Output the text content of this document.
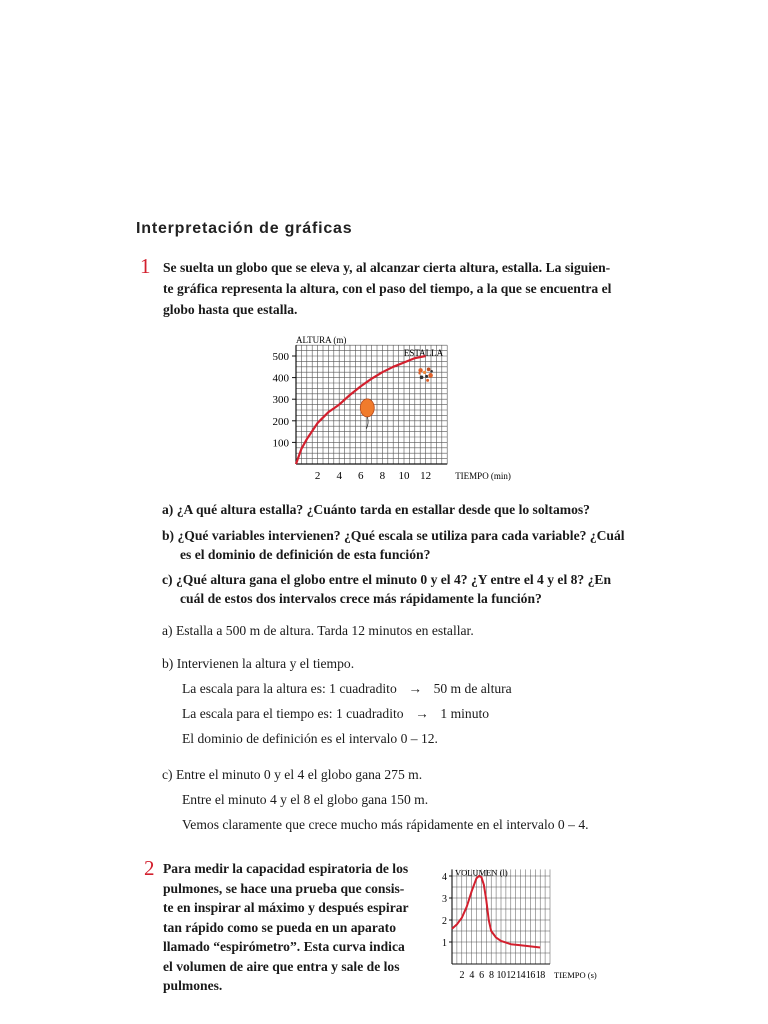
Interpretación de gráficas
1 Se suelta un globo que se eleva y, al alcanzar cierta altura, estalla. La siguien-
te gráfica representa la altura, con el paso del tiempo, a la que se encuentra el
globo hasta que estalla.
100
200
300
400
500
2 4 6 8 10 12
ALTURA (m)
TIEMPO (min)
ESTALLA
a) ¿A qué altura estalla? ¿Cuánto tarda en estallar desde que lo soltamos?
b) ¿Qué variables intervienen? ¿Qué escala se utiliza para cada variable? ¿Cuál
es el dominio de definición de esta función?
c) ¿Qué altura gana el globo entre el minuto 0 y el 4? ¿Y entre el 4 y el 8? ¿En
cuál de estos dos intervalos crece más rápidamente la función?
a) Estalla a 500 m de altura. Tarda 12 minutos en estallar.
b) Intervienen la altura y el tiempo.
La escala para la altura es: 1 cuadradito → 50 m de altura
La escala para el tiempo es: 1 cuadradito → 1 minuto
El dominio de definición es el intervalo 0 – 12.
c) Entre el minuto 0 y el 4 el globo gana 275 m.
Entre el minuto 4 y el 8 el globo gana 150 m.
Vemos claramente que crece mucho más rápidamente en el intervalo 0 – 4.
2 Para medir la capacidad espiratoria de los
pulmones, se hace una prueba que consis-
te en inspirar al máximo y después espirar
tan rápido como se pueda en un aparato
llamado “espirómetro”. Esta curva indica
el volumen de aire que entra y sale de los
pulmones.
1
2
3
4
2 4 6 8 10 12 14 16 18
VOLUMEN (l)
TIEMPO (s)
